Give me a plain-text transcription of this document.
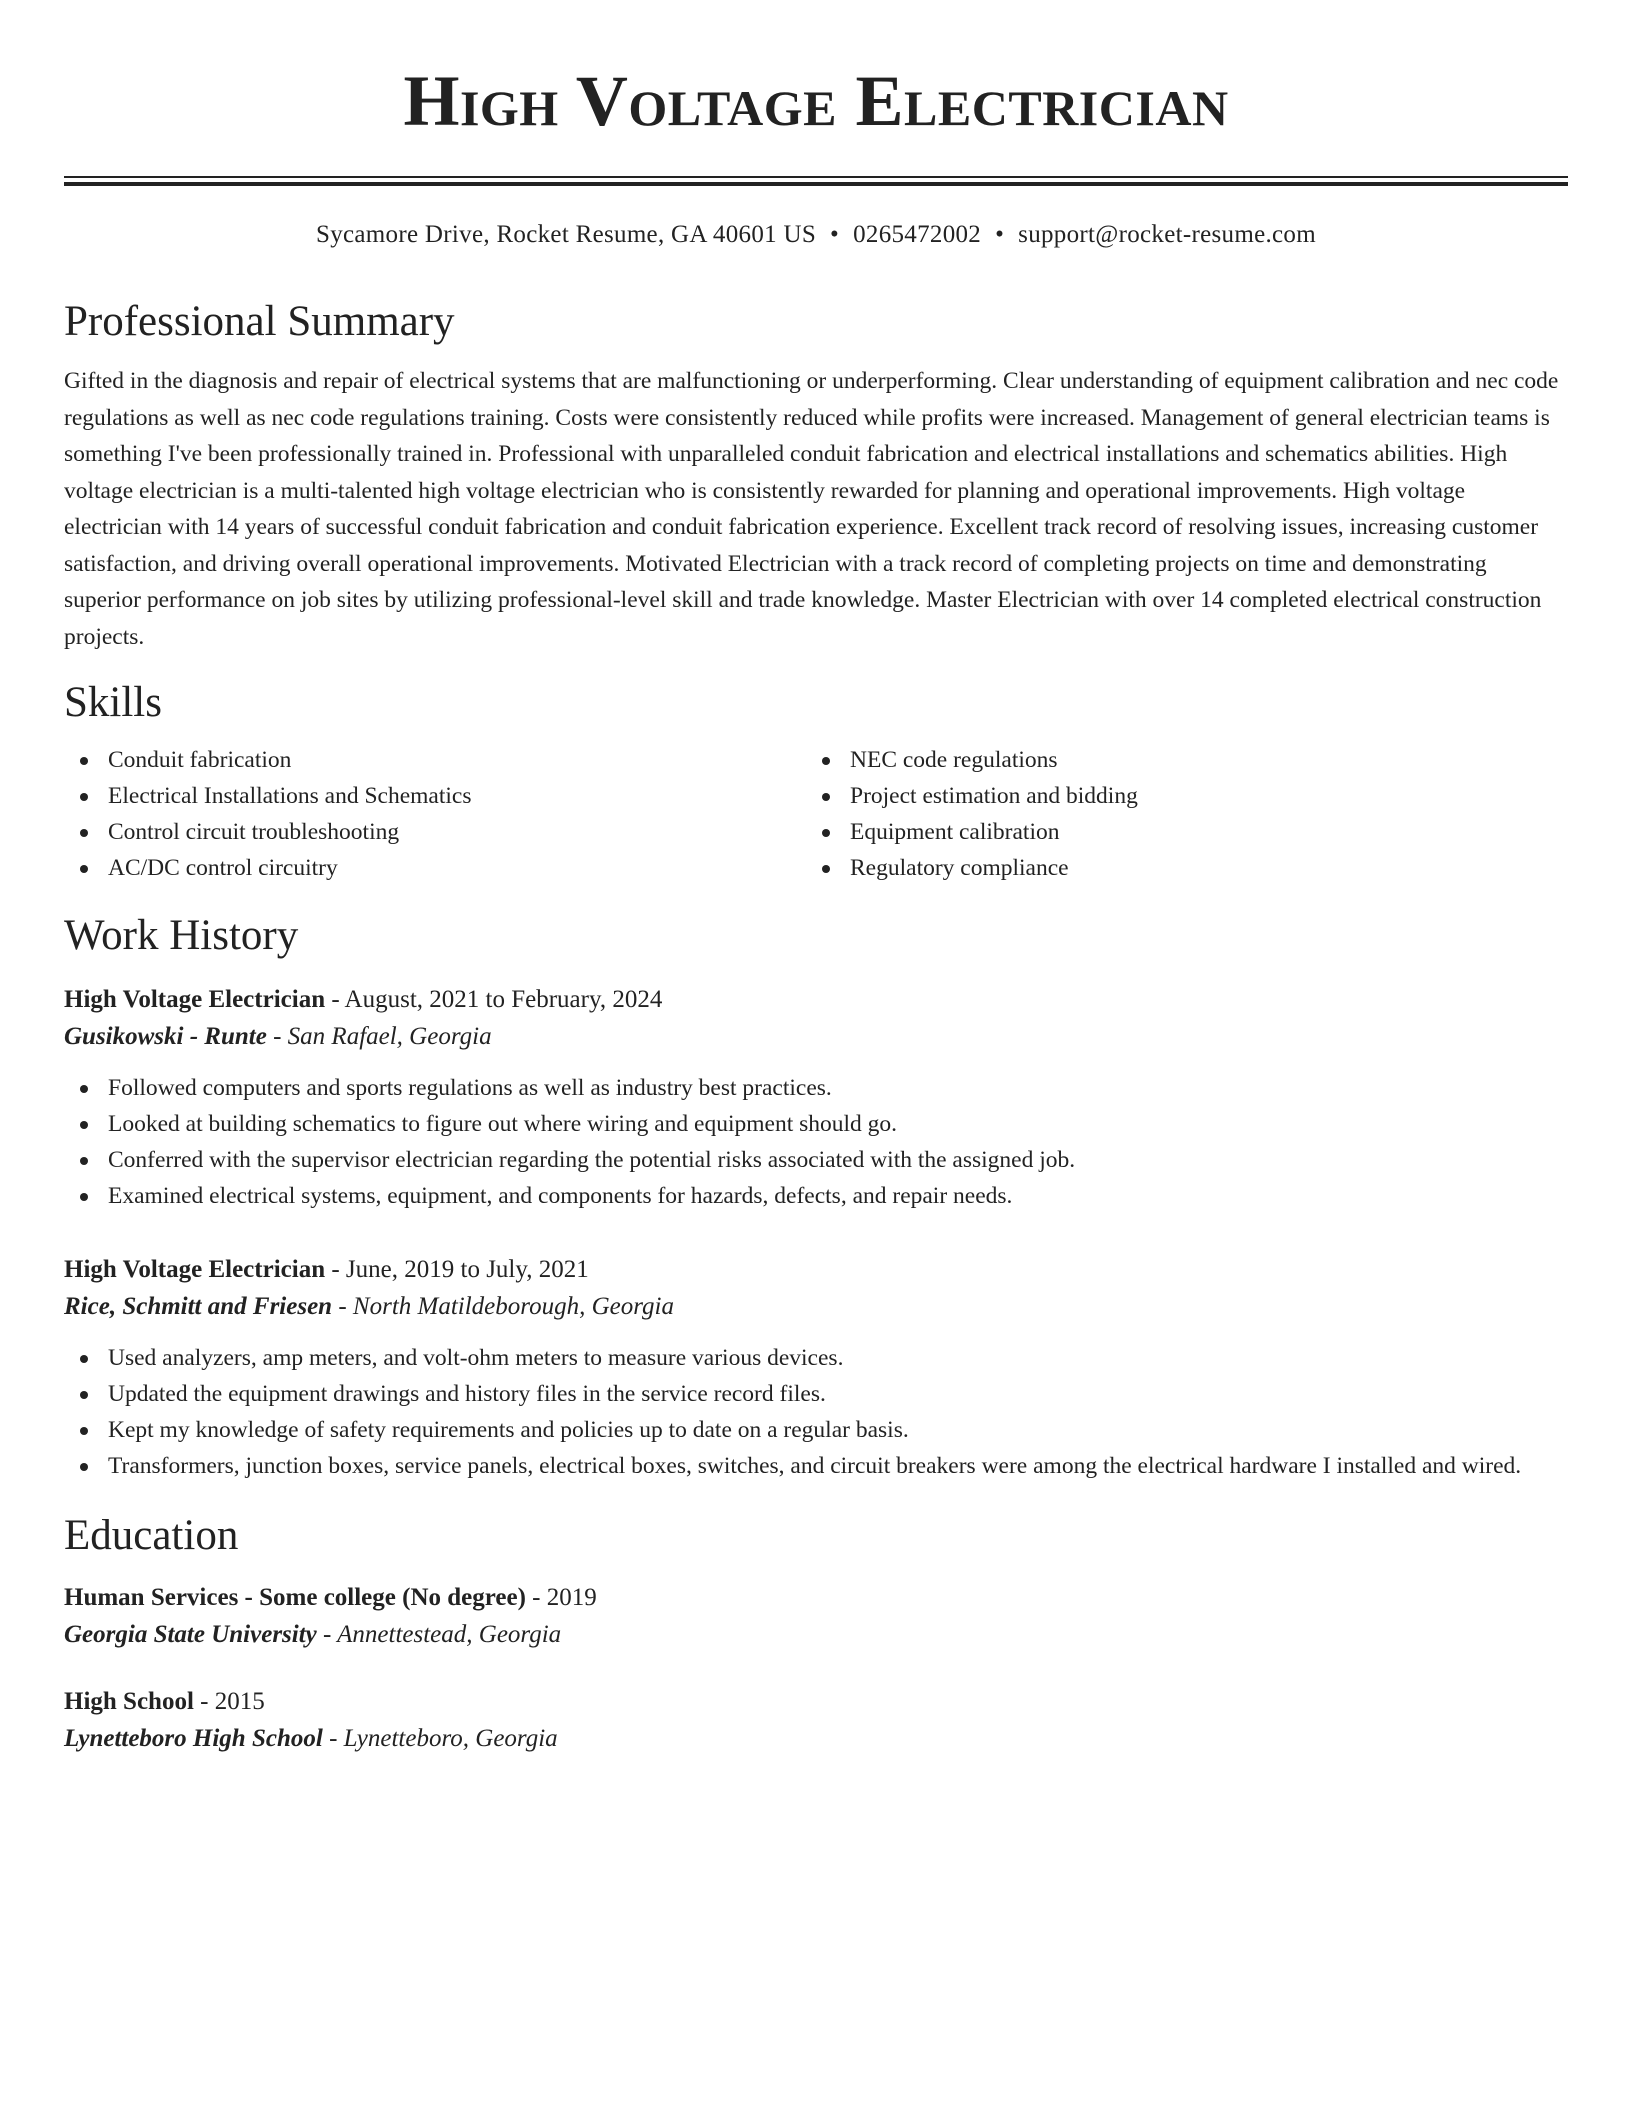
High Voltage Electrician
Sycamore Drive, Rocket Resume, GA 40601 US • 0265472002 • support@rocket-resume.com
Professional Summary

Gifted in the diagnosis and repair of electrical systems that are malfunctioning or underperforming. Clear understanding of equipment calibration and nec code regulations as well as nec code regulations training. Costs were consistently reduced while profits were increased. Management of general electrician teams is something I've been professionally trained in. Professional with unparalleled conduit fabrication and electrical installations and schematics abilities. High voltage electrician is a multi-talented high voltage electrician who is consistently rewarded for planning and operational improvements. High voltage electrician with 14 years of successful conduit fabrication and conduit fabrication experience. Excellent track record of resolving issues, increasing customer satisfaction, and driving overall operational improvements. Motivated Electrician with a track record of completing projects on time and demonstrating superior performance on job sites by utilizing professional-level skill and trade knowledge. Master Electrician with over 14 completed electrical construction projects.

Skills
Conduit fabrication
Electrical Installations and Schematics
Control circuit troubleshooting
AC/DC control circuitry
NEC code regulations
Project estimation and bidding
Equipment calibration
Regulatory compliance
Work History
High Voltage Electrician - August, 2021 to February, 2024
Gusikowski - Runte - San Rafael, Georgia
Followed computers and sports regulations as well as industry best practices.
Looked at building schematics to figure out where wiring and equipment should go.
Conferred with the supervisor electrician regarding the potential risks associated with the assigned job.
Examined electrical systems, equipment, and components for hazards, defects, and repair needs.
High Voltage Electrician - June, 2019 to July, 2021
Rice, Schmitt and Friesen - North Matildeborough, Georgia
Used analyzers, amp meters, and volt-ohm meters to measure various devices.
Updated the equipment drawings and history files in the service record files.
Kept my knowledge of safety requirements and policies up to date on a regular basis.
Transformers, junction boxes, service panels, electrical boxes, switches, and circuit breakers were among the electrical hardware I installed and wired.
Education
Human Services - Some college (No degree) - 2019
Georgia State University - Annettestead, Georgia
High School - 2015
Lynetteboro High School - Lynetteboro, Georgia
